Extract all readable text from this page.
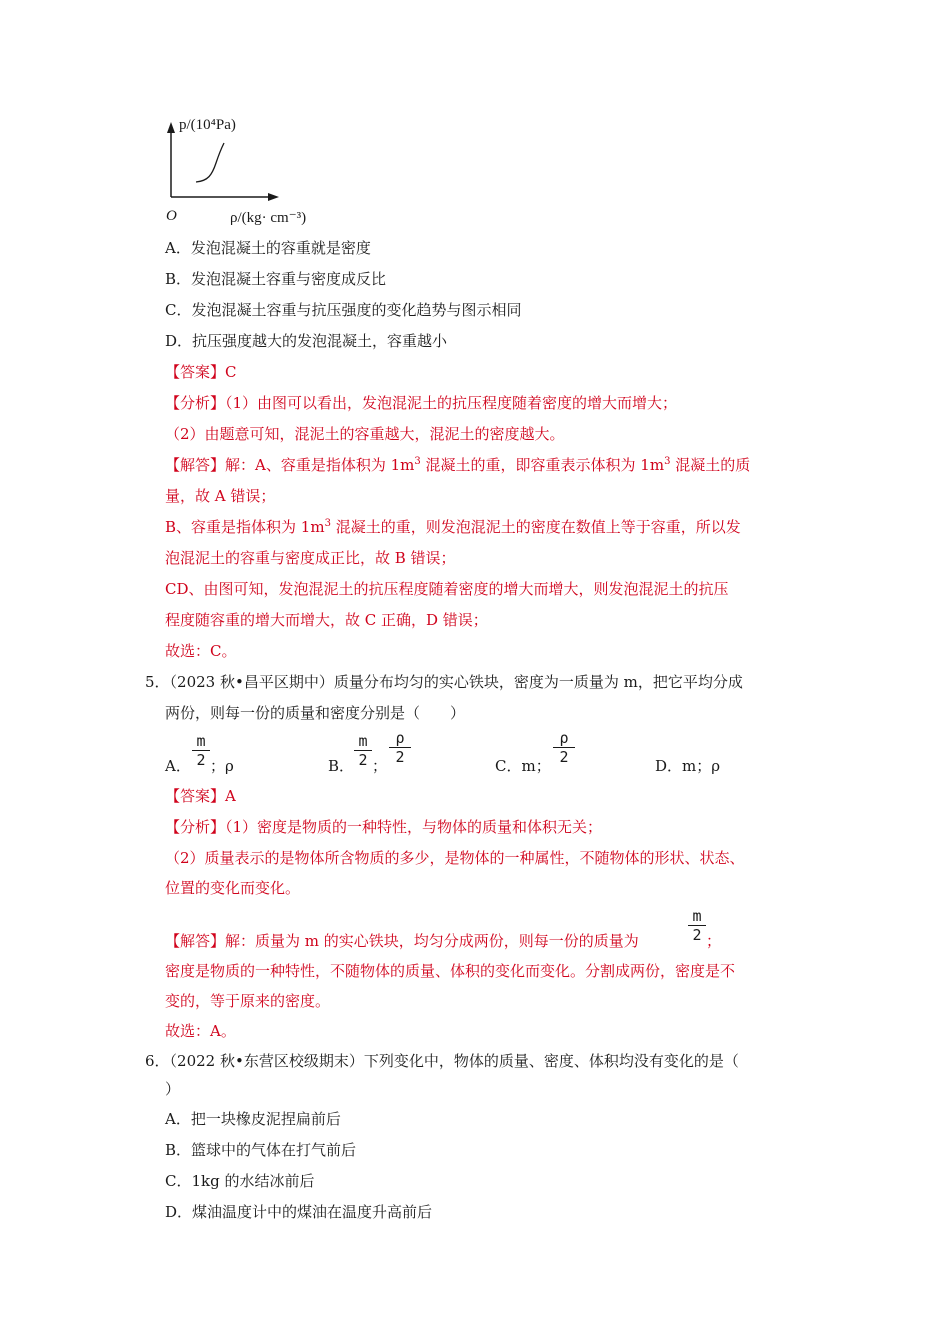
p/(10⁴Pa)
O	ρ/(kg· cm⁻³)
A．发泡混凝土的容重就是密度
B．发泡混凝土容重与密度成反比
C．发泡混凝土容重与抗压强度的变化趋势与图示相同
D．抗压强度越大的发泡混凝土，容重越小
【答案】C
【分析】（1）由图可以看出，发泡混泥土的抗压程度随着密度的增大而增大；
（2）由题意可知，混泥土的容重越大，混泥土的密度越大。
【解答】解：A、容重是指体积为 $1m^3$ 混凝土的重，即容重表示体积为 $1m^3$ 混凝土的质
量，故 A 错误；
B、容重是指体积为 $1m^3$ 混凝土的重，则发泡混泥土的密度在数值上等于容重，所以发
泡混泥土的容重与密度成正比，故 B 错误；
CD、由图可知，发泡混泥土的抗压程度随着密度的增大而增大，则发泡混泥土的抗压
程度随容重的增大而增大，故 C 正确，D 错误；
故选：C。
5．（2023 秋•昌平区期中）质量分布均匀的实心铁块，密度为一质量为 m，把它平均分成
两份，则每一份的质量和密度分别是（　　）
A．
m
2 ；ρ	B．
m
2 ；
ρ
2	C．m；
ρ
2	D．m；ρ
【答案】A
【分析】（1）密度是物质的一种特性，与物体的质量和体积无关；
（2）质量表示的是物体所含物质的多少，是物体的一种属性，不随物体的形状、状态、
位置的变化而变化。
【解答】解：质量为 m 的实心铁块，均匀分成两份，则每一份的质量为
m
2 ；
密度是物质的一种特性，不随物体的质量、体积的变化而变化。分割成两份，密度是不
变的，等于原来的密度。
故选：A。
6．（2022 秋•东营区校级期末）下列变化中，物体的质量、密度、体积均没有变化的是（
）
A．把一块橡皮泥捏扁前后
B．篮球中的气体在打气前后
C．1kg 的水结冰前后
D．煤油温度计中的煤油在温度升高前后
